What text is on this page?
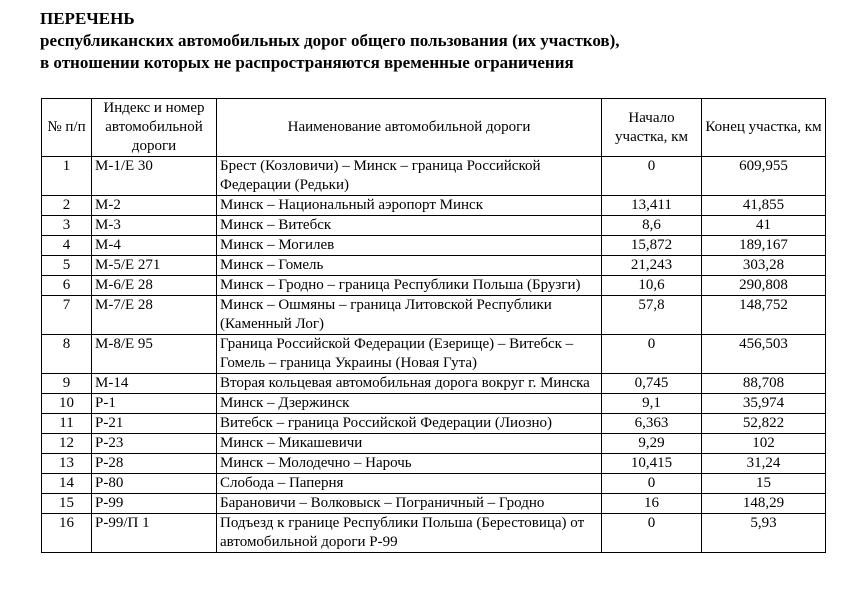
ПЕРЕЧЕНЬ
республиканских автомобильных дорог общего пользования (их участков),
в отношении которых не распространяются временные ограничения
№ п/п	Индекс и номер автомобильной дороги	Наименование автомобильной дороги	Начало участка, км	Конец участка, км
1	М-1/Е 30	Брест (Козловичи) – Минск – граница Российской Федерации (Редьки)	0	609,955
2	М-2	Минск – Национальный аэропорт Минск	13,411	41,855
3	М-3	Минск – Витебск	8,6	41
4	М-4	Минск – Могилев	15,872	189,167
5	М-5/Е 271	Минск – Гомель	21,243	303,28
6	М-6/Е 28	Минск – Гродно – граница Республики Польша (Брузги)	10,6	290,808
7	М-7/Е 28	Минск – Ошмяны – граница Литовской Республики (Каменный Лог)	57,8	148,752
8	М-8/Е 95	Граница Российской Федерации (Езерище) – Витебск – Гомель – граница Украины (Новая Гута)	0	456,503
9	М-14	Вторая кольцевая автомобильная дорога вокруг г. Минска	0,745	88,708
10	Р-1	Минск – Дзержинск	9,1	35,974
11	Р-21	Витебск – граница Российской Федерации (Лиозно)	6,363	52,822
12	Р-23	Минск – Микашевичи	9,29	102
13	Р-28	Минск – Молодечно – Нарочь	10,415	31,24
14	Р-80	Слобода – Паперня	0	15
15	Р-99	Барановичи – Волковыск – Пограничный – Гродно	16	148,29
16	Р-99/П 1	Подъезд к границе Республики Польша (Берестовица) от автомобильной дороги Р-99	0	5,93
